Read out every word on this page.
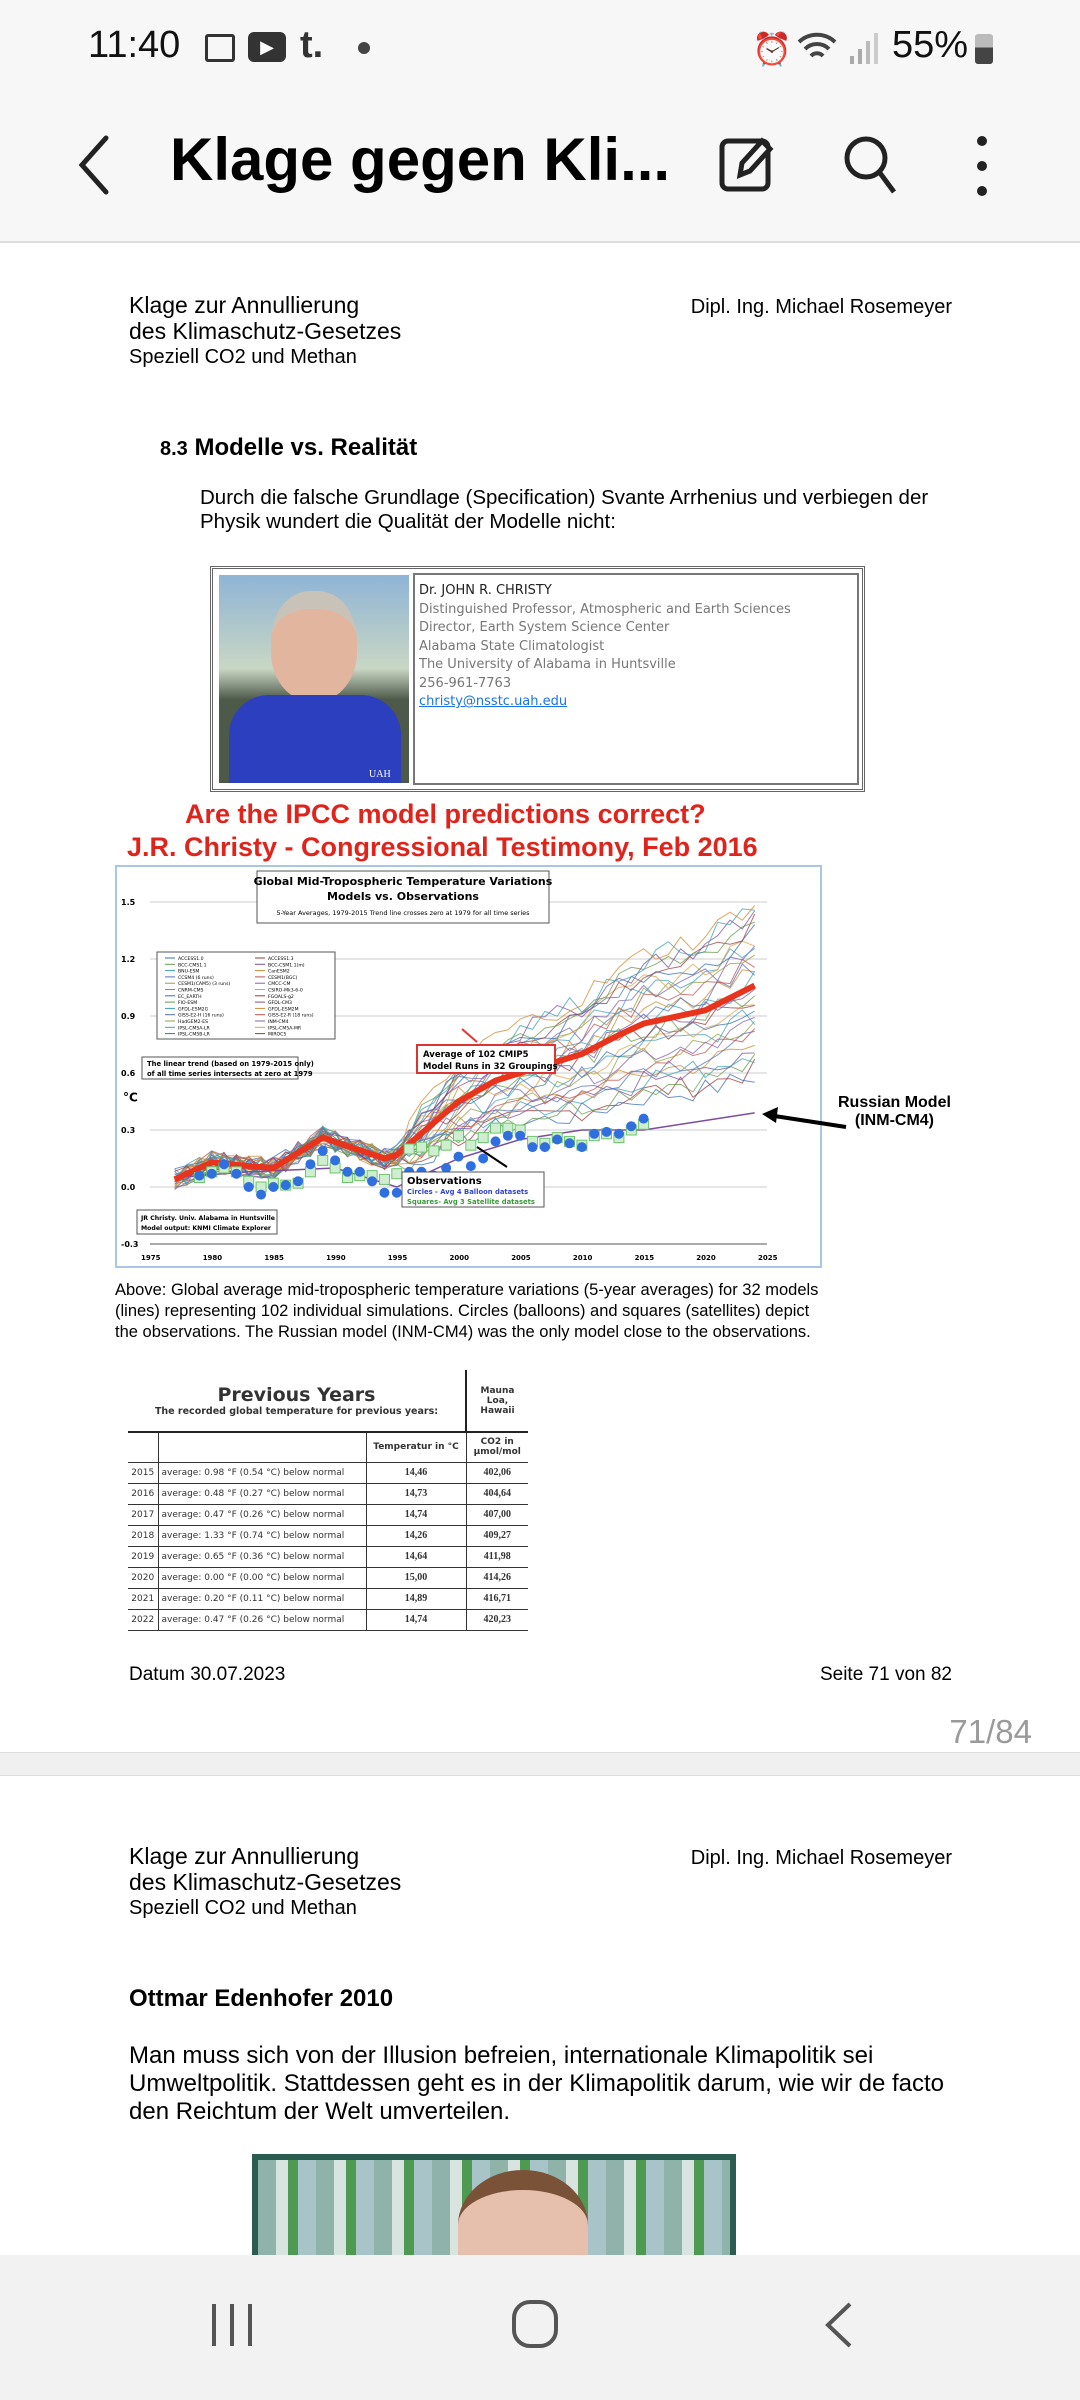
11:40	▶ t.	⏰	55%
Klage gegen Kli...
Klage zur Annullierung
des Klimaschutz-Gesetzes
Speziell CO2 und Methan
Dipl. Ing. Michael Rosemeyer
8.3 Modelle vs. Realität
Durch die falsche Grundlage (Specification) Svante Arrhenius und verbiegen der Physik wundert die Qualität der Modelle nicht:
UAH
Dr. JOHN R. CHRISTY
Distinguished Professor, Atmospheric and Earth Sciences
Director, Earth System Science Center
Alabama State Climatologist
The University of Alabama in Huntsville
256-961-7763
christy@nsstc.uah.edu
Are the IPCC model predictions correct?
J.R. Christy - Congressional Testimony, Feb 2016
1.5
1.2
0.9
0.6
0.3
0.0
-0.3
1975	1980	1985	1990	1995	2000	2005	2010	2015	2020	2025
°C
Global Mid-Tropospheric Temperature Variations
Models vs. Observations
5-Year Averages, 1979-2015 Trend line crosses zero at 1979 for all time series
ACCESS1.0	ACCESS1.3
BCC-CMS1.1	BCC-CSM1.1(m)
BNU-ESM	CanESM2
CCSM4 (6 runs)	CESM1(BGC)
CESM1(CAM5) (3 runs)	CMCC-CM
CNRM-CM5	CSIRO-Mk3-6-0
EC_EARTH	FGOALS-g2
FIO-ESM	GFDL-CM3
GFDL-ESM2G	GFDL-ESM2M
GISS-E2-H (16 runs)	GISS-E2-R (18 runs)
HadGEM2-ES	INM-CM4
IPSL-CM5A-LR	IPSL-CM5A-MR
IPSL-CM5B-LR	MIROC5
The linear trend (based on 1979-2015 only)
of all time series intersects at zero at 1979
Average of 102 CMIP5
Model Runs in 32 Groupings
Observations
Circles - Avg 4 Balloon datasets
Squares- Avg 3 Satellite datasets
JR Christy. Univ. Alabama in Huntsville
Model output: KNMI Climate Explorer
Russian Model
(INM-CM4)
Above: Global average mid-tropospheric temperature variations (5-year averages) for 32 models (lines) representing 102 individual simulations. Circles (balloons) and squares (satellites) depict the observations. The Russian model (INM-CM4) was the only model close to the observations.
Previous Years
The recorded global temperature for previous years:			Mauna Loa, Hawaii
		Temperatur in °C	CO2 in µmol/mol
2015	average: 0.98 °F (0.54 °C) below normal	14,46	402,06
2016	average: 0.48 °F (0.27 °C) below normal	14,73	404,64
2017	average: 0.47 °F (0.26 °C) below normal	14,74	407,00
2018	average: 1.33 °F (0.74 °C) below normal	14,26	409,27
2019	average: 0.65 °F (0.36 °C) below normal	14,64	411,98
2020	average: 0.00 °F (0.00 °C) below normal	15,00	414,26
2021	average: 0.20 °F (0.11 °C) below normal	14,89	416,71
2022	average: 0.47 °F (0.26 °C) below normal	14,74	420,23
Datum 30.07.2023	Seite 71 von 82
71/84
Klage zur Annullierung
des Klimaschutz-Gesetzes
Speziell CO2 und Methan
Dipl. Ing. Michael Rosemeyer
Ottmar Edenhofer 2010
Man muss sich von der Illusion befreien, internationale Klimapolitik sei Umweltpolitik. Stattdessen geht es in der Klimapolitik darum, wie wir de facto den Reichtum der Welt umverteilen.
